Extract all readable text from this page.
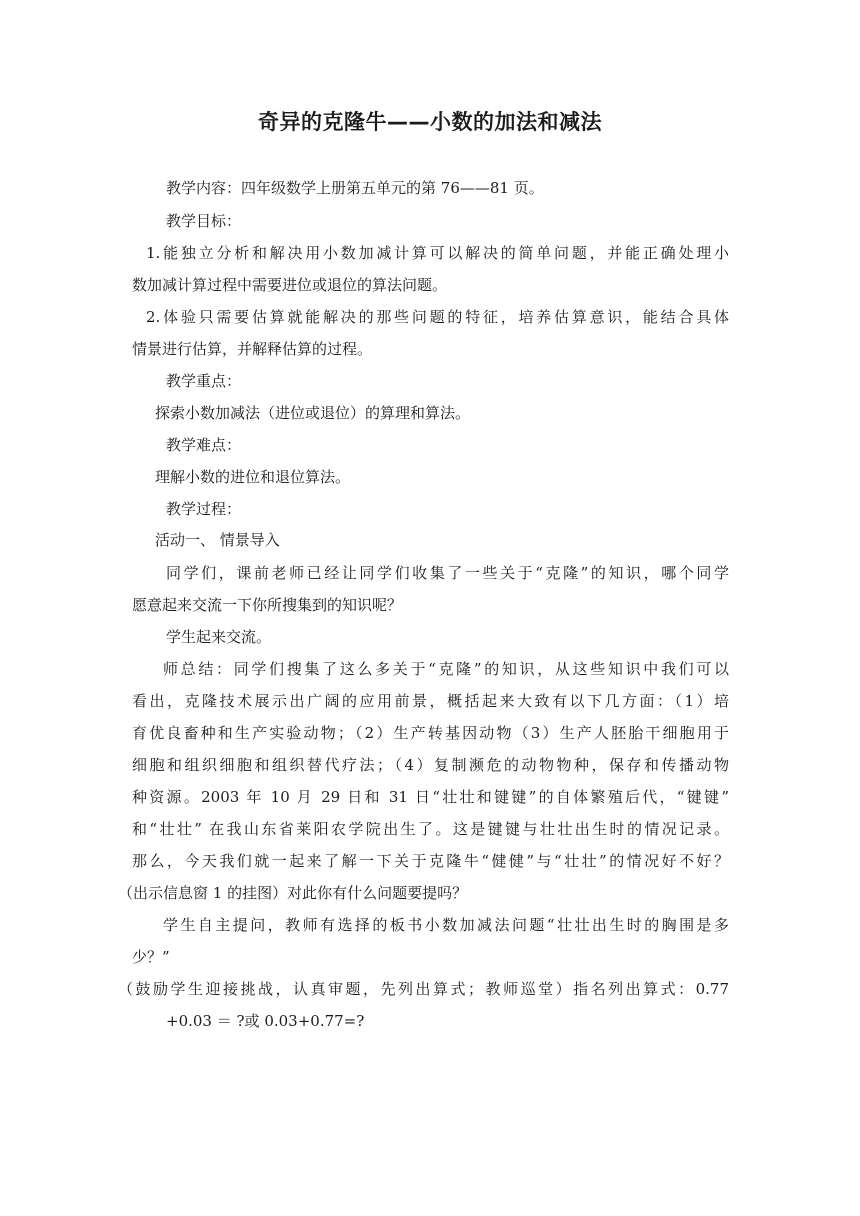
奇异的克隆牛——小数的加法和减法
教学内容：四年级数学上册第五单元的第 76——81 页。
教学目标：
1.能独立分析和解决用小数加减计算可以解决的简单问题，并能正确处理小
数加减计算过程中需要进位或退位的算法问题。
2.体验只需要估算就能解决的那些问题的特征，培养估算意识，能结合具体
情景进行估算，并解释估算的过程。
教学重点：
探索小数加减法（进位或退位）的算理和算法。
教学难点：
理解小数的进位和退位算法。
教学过程：
活动一、 情景导入
同学们，课前老师已经让同学们收集了一些关于“克隆”的知识，哪个同学
愿意起来交流一下你所搜集到的知识呢？
学生起来交流。
师总结：同学们搜集了这么多关于“克隆”的知识，从这些知识中我们可以
看出，克隆技术展示出广阔的应用前景，概括起来大致有以下几方面：（1）培
育优良畜种和生产实验动物；（2）生产转基因动物（3）生产人胚胎干细胞用于
细胞和组织细胞和组织替代疗法；（4）复制濒危的动物物种，保存和传播动物
种资源。2003 年 10 月 29 日和 31 日“壮壮和键键”的自体繁殖后代，“键键”
和“壮壮” 在我山东省莱阳农学院出生了。这是键键与壮壮出生时的情况记录。
那么，今天我们就一起来了解一下关于克隆牛“健健”与“壮壮”的情况好不好？
（出示信息窗 1 的挂图）对此你有什么问题要提吗？
学生自主提问，教师有选择的板书小数加减法问题“壮壮出生时的胸围是多
少？”
（鼓励学生迎接挑战，认真审题，先列出算式；教师巡堂）指名列出算式：0.77
+0.03 ＝ ?或 0.03+0.77=?
